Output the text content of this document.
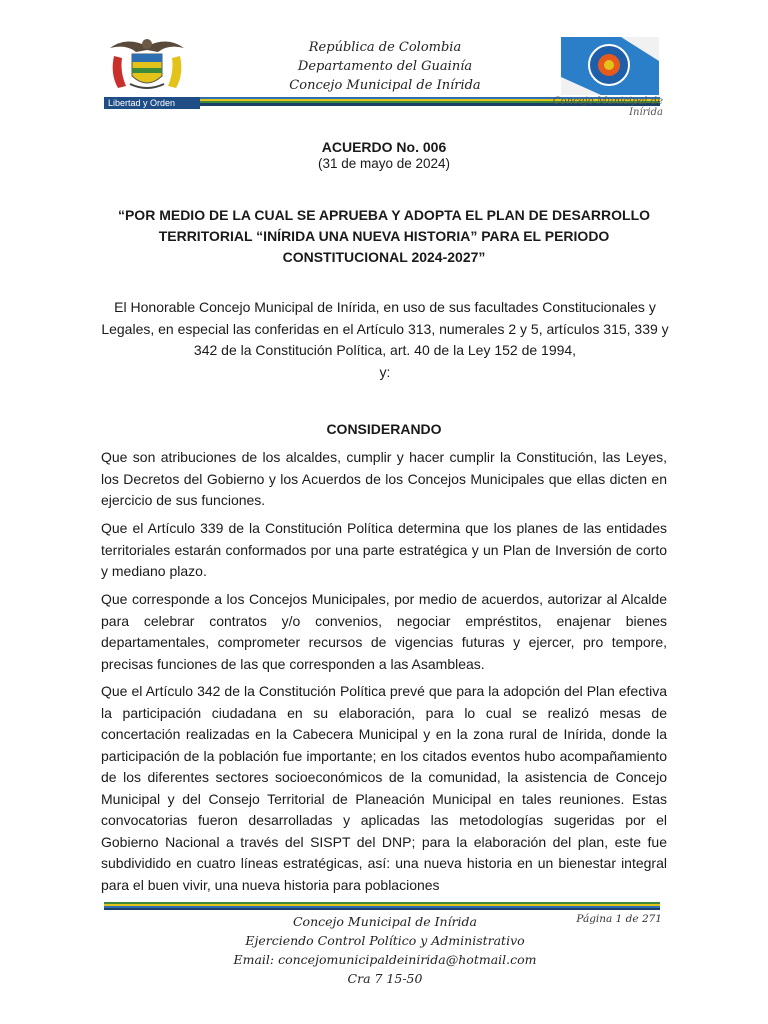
República de Colombia
Departamento del Guainía
Concejo Municipal de Inírida
Libertad y Orden	Concejo Municipal de Inírida
ACUERDO No. 006
(31 de mayo de 2024)
“POR MEDIO DE LA CUAL SE APRUEBA Y ADOPTA EL PLAN DE DESARROLLO TERRITORIAL “INÍRIDA UNA NUEVA HISTORIA” PARA EL PERIODO CONSTITUCIONAL 2024-2027”
El Honorable Concejo Municipal de Inírida, en uso de sus facultades Constitucionales y Legales, en especial las conferidas en el Artículo 313, numerales 2 y 5, artículos 315, 339 y 342 de la Constitución Política, art. 40 de la Ley 152 de 1994,
y:
CONSIDERANDO
Que son atribuciones de los alcaldes, cumplir y hacer cumplir la Constitución, las Leyes, los Decretos del Gobierno y los Acuerdos de los Concejos Municipales que ellas dicten en ejercicio de sus funciones.
Que el Artículo 339 de la Constitución Política determina que los planes de las entidades territoriales estarán conformados por una parte estratégica y un Plan de Inversión de corto y mediano plazo.
Que corresponde a los Concejos Municipales, por medio de acuerdos, autorizar al Alcalde para celebrar contratos y/o convenios, negociar empréstitos, enajenar bienes departamentales, comprometer recursos de vigencias futuras y ejercer, pro tempore, precisas funciones de las que corresponden a las Asambleas.
Que el Artículo 342 de la Constitución Política prevé que para la adopción del Plan efectiva la participación ciudadana en su elaboración, para lo cual se realizó mesas de concertación realizadas en la Cabecera Municipal y en la zona rural de Inírida, donde la participación de la población fue importante; en los citados eventos hubo acompañamiento de los diferentes sectores socioeconómicos de la comunidad, la asistencia de Concejo Municipal y del Consejo Territorial de Planeación Municipal en tales reuniones. Estas convocatorias fueron desarrolladas y aplicadas las metodologías sugeridas por el Gobierno Nacional a través del SISPT del DNP; para la elaboración del plan, este fue subdividido en cuatro líneas estratégicas, así: una nueva historia en un bienestar integral para el buen vivir, una nueva historia para poblaciones
Concejo Municipal de Inírida
Ejerciendo Control Político y Administrativo
Email: concejomunicipaldeinirida@hotmail.com
Cra 7 15-50
Página 1 de 271
